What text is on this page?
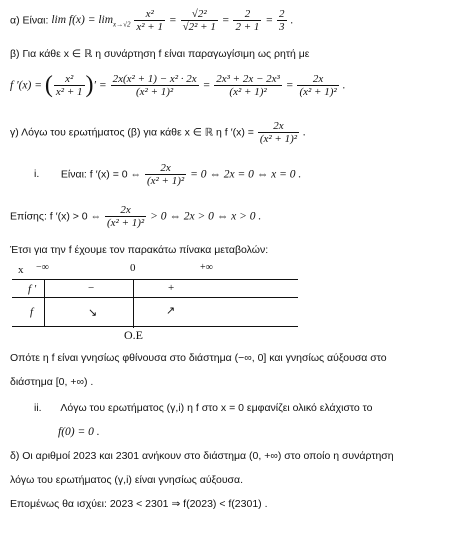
α) Είναι: $\lim f(x) = \lim_{x\to√2} \frac{\text{x²}}{\text{x² + 1}} = \frac{\text{√2²}}{\text{√2² + 1}} = \frac{2}{2 + 1} = \frac{2}{3}$ .
β) Για κάθε x ∈ ℝ η συνάρτηση f είναι παραγωγίσιμη ως ρητή με
f ′(x) = ( $\frac{\text{x²}}{\text{x² + 1}}$ )′ = $\frac{\text{2x(x² + 1) − x² · 2x}}{\text{(x² + 1)²}} = \frac{\text{2x³ + 2x − 2x³}}{\text{(x² + 1)²}} = \frac{2x}{\text{(x² + 1)²}}$ .
γ) Λόγω του ερωτήματος (β) για κάθε x ∈ ℝ η f $'(x) = \frac{2x}{\text{(x² + 1)²}}$ .
i. Είναι: f ′(x) = 0 ⇔ $\frac{2x}{\text{(x² + 1)²}} = 0$ ⇔ 2x = 0 ⇔ x = 0 .
Επίσης: f ′(x) > 0 ⇔ $\frac{2x}{\text{(x² + 1)²}} > 0$ ⇔ 2x > 0 ⇔ x > 0 .
Έτσι για την f έχουμε τον παρακάτω πίνακα μεταβολών:
x −∞	0	+∞
f ′	−	+
f	↘	↗
Ο.Ε
Οπότε η f είναι γνησίως φθίνουσα στο διάστημα (−∞, 0] και γνησίως αύξουσα στο
διάστημα [0, +∞) .
ii. Λόγω του ερωτήματος (γ,i) η f στο x = 0 εμφανίζει ολικό ελάχιστο το
f(0) = 0 .
δ) Οι αριθμοί 2023 και 2301 ανήκουν στο διάστημα (0, +∞) στο οποίο η συνάρτηση
λόγω του ερωτήματος (γ,i) είναι γνησίως αύξουσα.
Επομένως θα ισχύει: 2023 < 2301 ⇒ f(2023) < f(2301) .
